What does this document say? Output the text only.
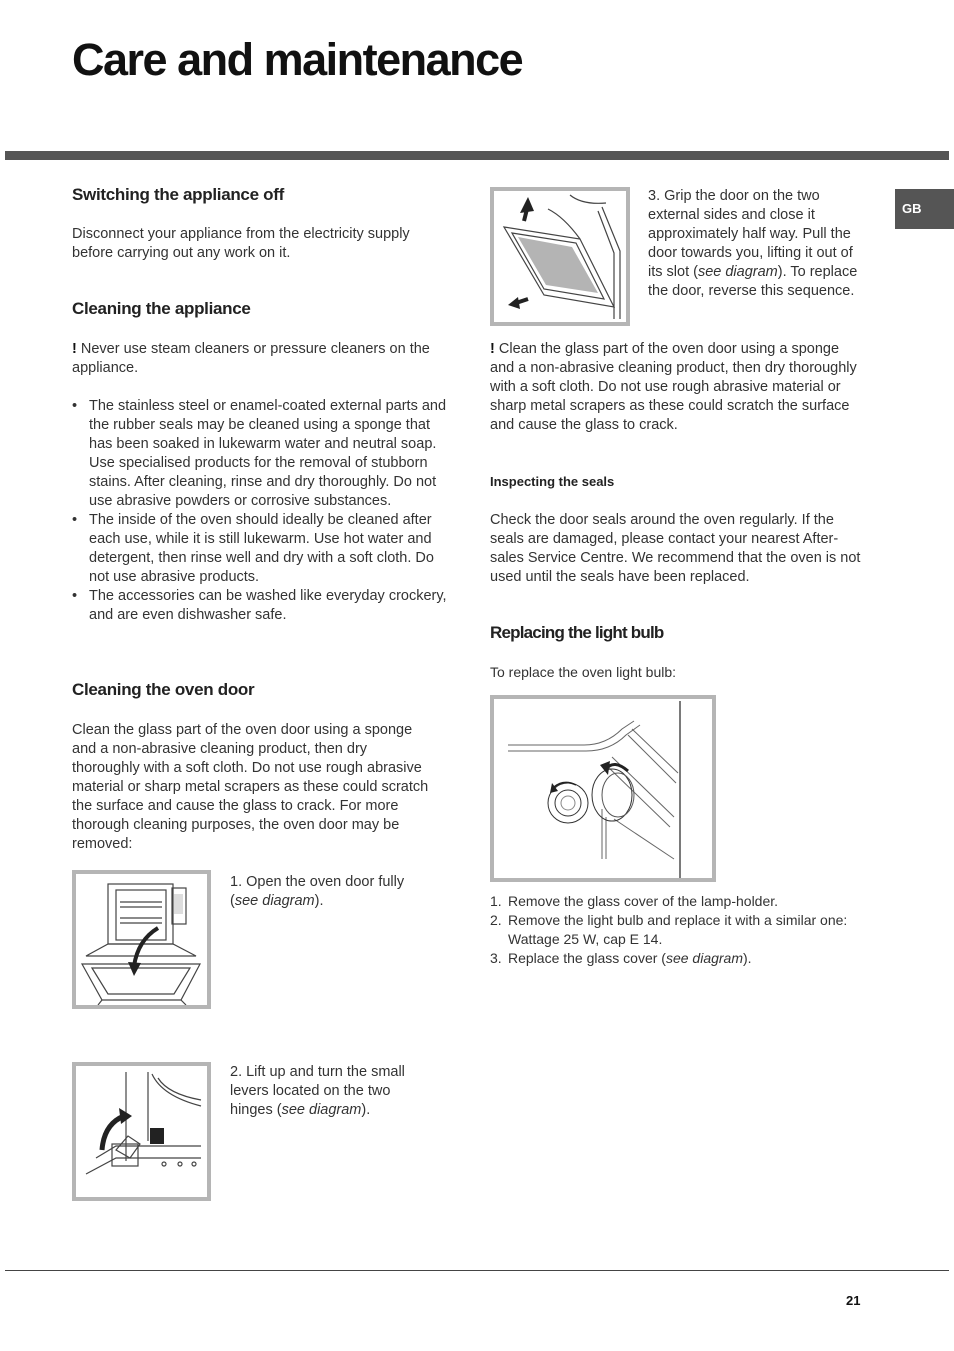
Care and maintenance
GB
Switching the appliance off

Disconnect your appliance from the electricity supply before carrying out any work on it.

Cleaning the appliance

! Never use steam cleaners or pressure cleaners on the appliance.

• The stainless steel or enamel-coated external parts and the rubber seals may be cleaned using a sponge that has been soaked in lukewarm water and neutral soap. Use specialised products for the removal of stubborn stains. After cleaning, rinse and dry thoroughly. Do not use abrasive powders or corrosive substances.
• The inside of the oven should ideally be cleaned after each use, while it is still lukewarm. Use hot water and detergent, then rinse well and dry with a soft cloth. Do not use abrasive products.
• The accessories can be washed like everyday crockery, and are even dishwasher safe.
Cleaning the oven door

Clean the glass part of the oven door using a sponge and a non-abrasive cleaning product, then dry thoroughly with a soft cloth. Do not use rough abrasive material or sharp metal scrapers as these could scratch the surface and cause the glass to crack. For more thorough cleaning purposes, the oven door may be removed:

1. Open the oven door fully (see diagram).

2. Lift up and turn the small levers located on the two hinges (see diagram).

3. Grip the door on the two external sides and close it approximately half way. Pull the door towards you, lifting it out of its slot (see diagram). To replace the door, reverse this sequence.

! Clean the glass part of the oven door using a sponge and a non-abrasive cleaning product, then dry thoroughly with a soft cloth. Do not use rough abrasive material or sharp metal scrapers as these could scratch the surface and cause the glass to crack.

Inspecting the seals

Check the door seals around the oven regularly. If the seals are damaged, please contact your nearest After-sales Service Centre. We recommend that the oven is not used until the seals have been replaced.

Replacing the light bulb

To replace the oven light bulb:

1. Remove the glass cover of the lamp-holder.
2. Remove the light bulb and replace it with a similar one: Wattage 25 W, cap E 14.
3. Replace the glass cover (see diagram).
21
